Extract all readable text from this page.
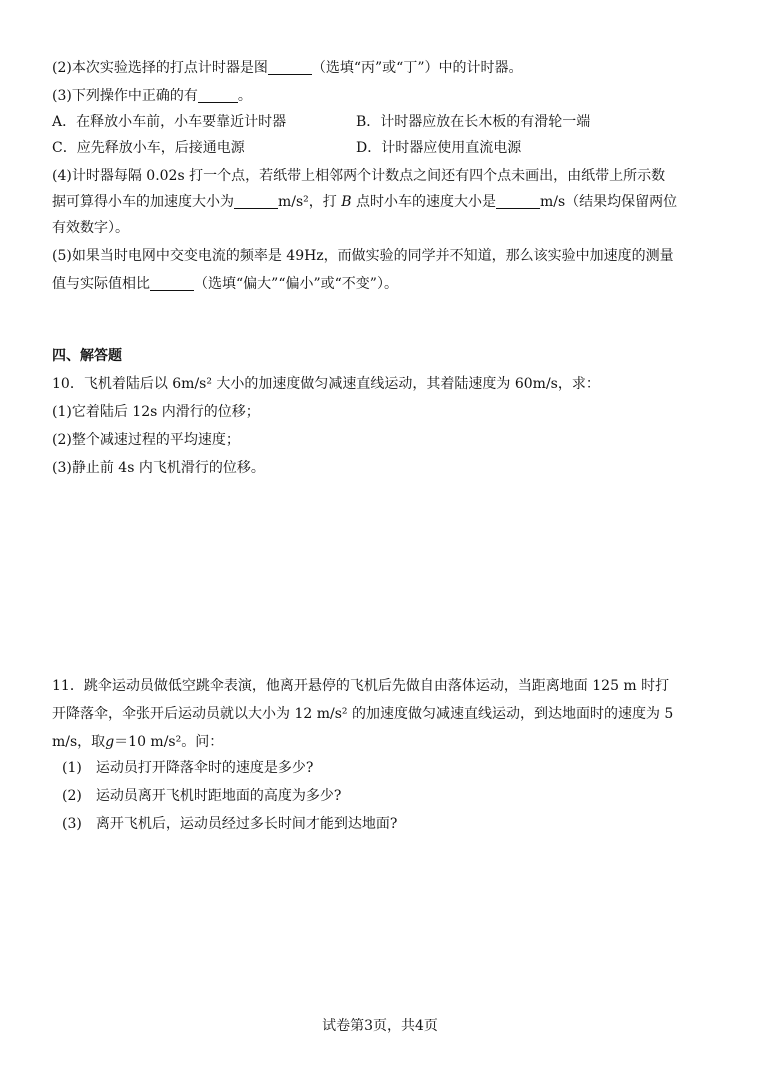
(2)本次实验选择的打点计时器是图	（选填“丙”或“丁”）中的计时器。
(3)下列操作中正确的有	。
A．在释放小车前，小车要靠近计时器	B．计时器应放在长木板的有滑轮一端
C．应先释放小车，后接通电源	D．计时器应使用直流电源
(4)计时器每隔 0.02s 打一个点，若纸带上相邻两个计数点之间还有四个点未画出，由纸带上所示数
据可算得小车的加速度大小为	m/s²，打 B 点时小车的速度大小是	m/s（结果均保留两位
有效数字）。
(5)如果当时电网中交变电流的频率是 49Hz，而做实验的同学并不知道，那么该实验中加速度的测量
值与实际值相比	（选填“偏大”“偏小”或“不变”）。
四、解答题
10．飞机着陆后以 6m/s² 大小的加速度做匀减速直线运动，其着陆速度为 60m/s，求：
(1)它着陆后 12s 内滑行的位移；
(2)整个减速过程的平均速度；
(3)静止前 4s 内飞机滑行的位移。
11．跳伞运动员做低空跳伞表演，他离开悬停的飞机后先做自由落体运动，当距离地面 125 m 时打
开降落伞，伞张开后运动员就以大小为 12 m/s² 的加速度做匀减速直线运动，到达地面时的速度为 5
m/s，取g＝10 m/s²。问：
(1)　运动员打开降落伞时的速度是多少?
(2)　运动员离开飞机时距地面的高度为多少?
(3)　离开飞机后，运动员经过多长时间才能到达地面?
试卷第3页，共4页
